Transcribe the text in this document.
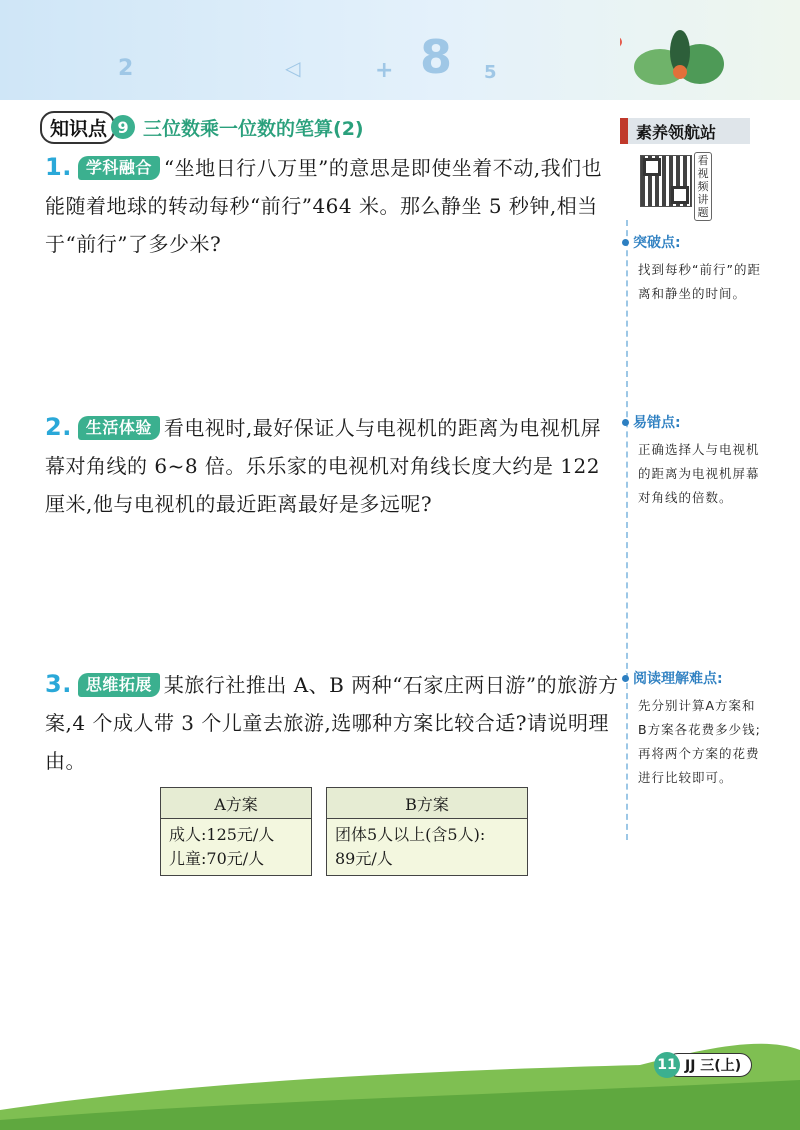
2	◁	+ 8 5
知识点 9 三位数乘一位数的笔算(2)	素养领航站
看视频讲题
突破点:
找到每秒“前行”的距离和静坐的时间。
易错点:
正确选择人与电视机的距离为电视机屏幕对角线的倍数。
阅读理解难点:
先分别计算A方案和B方案各花费多少钱;再将两个方案的花费进行比较即可。
1. 学科融合 “坐地日行八万里”的意思是即使坐着不动,我们也能随着地球的转动每秒“前行”464 米。那么静坐 5 秒钟,相当于“前行”了多少米?
2. 生活体验 看电视时,最好保证人与电视机的距离为电视机屏幕对角线的 6~8 倍。乐乐家的电视机对角线长度大约是 122 厘米,他与电视机的最近距离最好是多远呢?
3. 思维拓展 某旅行社推出 A、B 两种“石家庄两日游”的旅游方案,4 个成人带 3 个儿童去旅游,选哪种方案比较合适?请说明理由。
A方案
成人:125元/人
儿童:70元/人
B方案
团体5人以上(含5人):
89元/人
11 JJ 三(上)
